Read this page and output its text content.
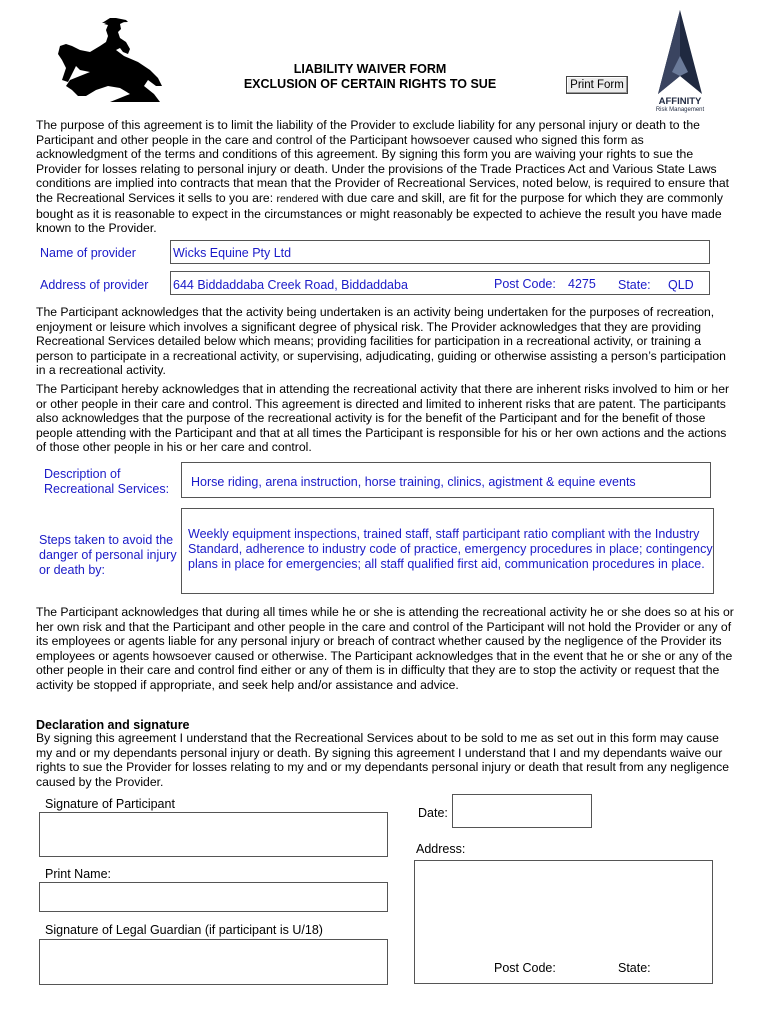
LIABILITY WAIVER FORM
EXCLUSION OF CERTAIN RIGHTS TO SUE	Print Form
AFFINITY
Risk Management
The purpose of this agreement is to limit the liability of the Provider to exclude liability for any personal injury or death to the Participant and other people in the care and control of the Participant howsoever caused who signed this form as acknowledgment of the terms and conditions of this agreement. By signing this form you are waiving your rights to sue the Provider for losses relating to personal injury or death. Under the provisions of the Trade Practices Act and Various State Laws conditions are implied into contracts that mean that the Provider of Recreational Services, noted below, is required to ensure that the Recreational Services it sells to you are: rendered with due care and skill, are fit for the purpose for which they are commonly bought as it is reasonable to expect in the circumstances or might reasonably be expected to achieve the result you have made known to the Provider.
Name of provider	Wicks Equine Pty Ltd
Address of provider 644 Biddaddaba Creek Road, Biddaddaba	Post Code: 4275 State: QLD
The Participant acknowledges that the activity being undertaken is an activity being undertaken for the purposes of recreation, enjoyment or leisure which involves a significant degree of physical risk. The Provider acknowledges that they are providing Recreational Services detailed below which means; providing facilities for participation in a recreational activity, or training a person to participate in a recreational activity, or supervising, adjudicating, guiding or otherwise assisting a person’s participation in a recreational activity.
The Participant hereby acknowledges that in attending the recreational activity that there are inherent risks involved to him or her or other people in their care and control. This agreement is directed and limited to inherent risks that are patent. The participants also acknowledges that the purpose of the recreational activity is for the benefit of the Participant and for the benefit of those people attending with the Participant and that at all times the Participant is responsible for his or her own actions and the actions of those other people in his or her care and control.
Description of
Recreational Services: Horse riding, arena instruction, horse training, clinics, agistment & equine events
Steps taken to avoid the
danger of personal injury
or death by:
Weekly equipment inspections, trained staff, staff participant ratio compliant with the Industry Standard, adherence to industry code of practice, emergency procedures in place; contingency plans in place for emergencies; all staff qualified first aid, communication procedures in place.
The Participant acknowledges that during all times while he or she is attending the recreational activity he or she does so at his or her own risk and that the Participant and other people in the care and control of the Participant will not hold the Provider or any of its employees or agents liable for any personal injury or breach of contract whether caused by the negligence of the Provider its employees or agents howsoever caused or otherwise. The Participant acknowledges that in the event that he or she or any of the other people in their care and control find either or any of them is in difficulty that they are to stop the activity or request that the activity be stopped if appropriate, and seek help and/or assistance and advice.
Declaration and signature
By signing this agreement I understand that the Recreational Services about to be sold to me as set out in this form may cause my and or my dependants personal injury or death. By signing this agreement I understand that I and my dependants waive our rights to sue the Provider for losses relating to my and or my dependants personal injury or death that result from any negligence caused by the Provider.
Signature of Participant
Date:
Address:
Post Code:	State:
Print Name:
Signature of Legal Guardian (if participant is U/18)
